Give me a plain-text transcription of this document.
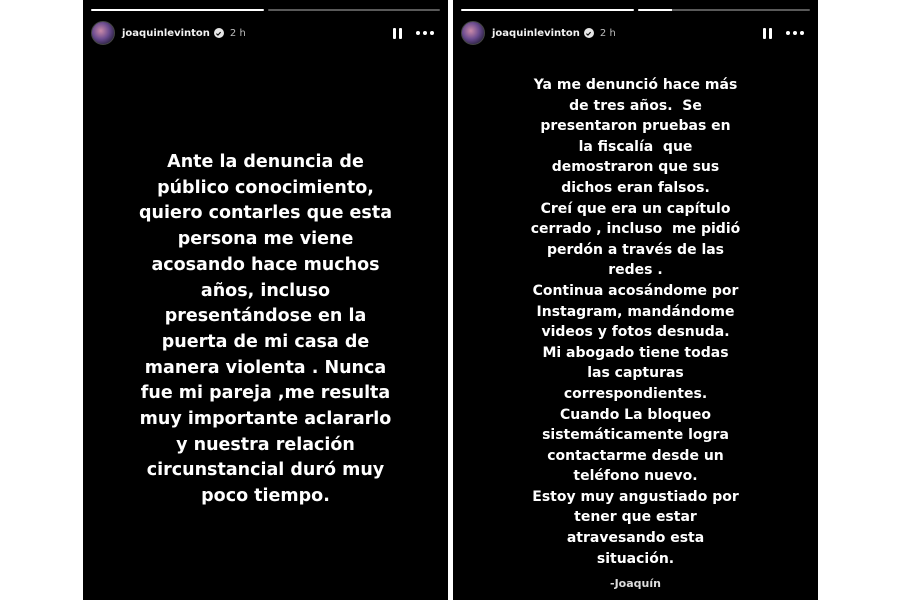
joaquinlevinton 2 h
Ante la denuncia de
público conocimiento,
quiero contarles que esta
persona me viene
acosando hace muchos
años, incluso
presentándose en la
puerta de mi casa de
manera violenta . Nunca
fue mi pareja ,me resulta
muy importante aclararlo
y nuestra relación
circunstancial duró muy
poco tiempo.
joaquinlevinton 2 h
Ya me denunció hace más
de tres años.  Se
presentaron pruebas en
la fiscalía  que
demostraron que sus
dichos eran falsos.
Creí que era un capítulo
cerrado , incluso  me pidió
perdón a través de las
redes .
Continua acosándome por
Instagram, mandándome
videos y fotos desnuda.
Mi abogado tiene todas
las capturas
correspondientes.
Cuando La bloqueo
sistemáticamente logra
contactarme desde un
teléfono nuevo.
Estoy muy angustiado por
tener que estar
atravesando esta
situación.
-Joaquín
